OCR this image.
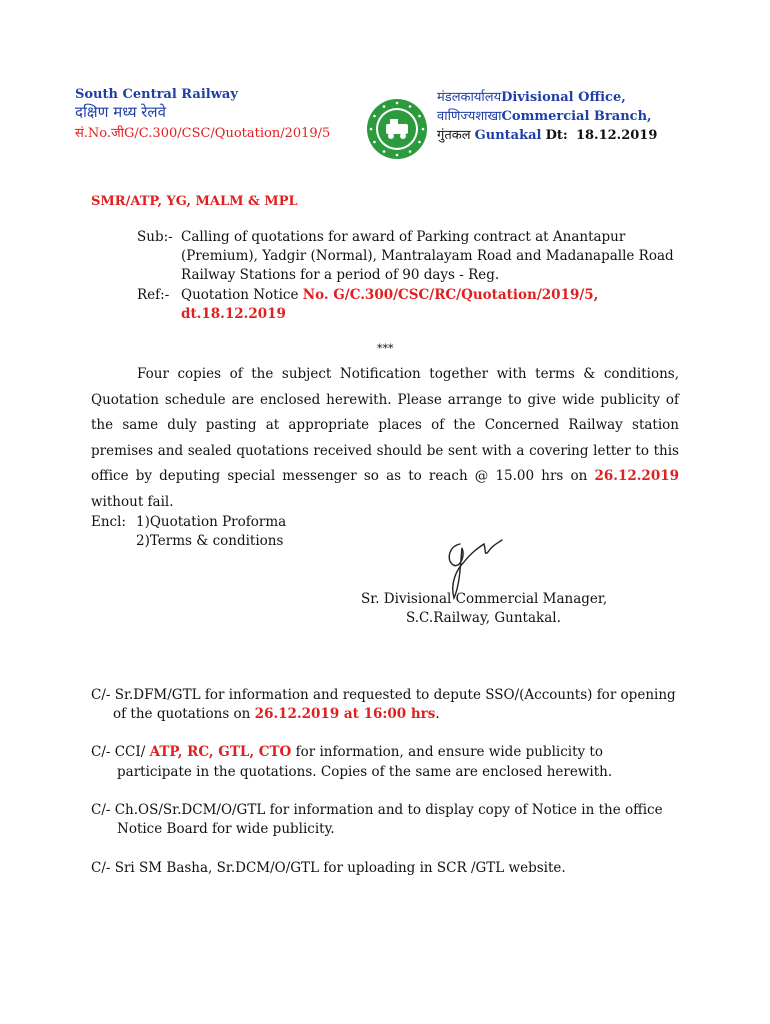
South Central Railway
दक्षिण मध्य रेलवे
सं.No.जीG/C.300/CSC/Quotation/2019/5
मंडलकार्यालयDivisional Office,
वाणिज्यशाखाCommercial Branch,
गुंतकल Guntakal Dt: 18.12.2019
SMR/ATP, YG, MALM & MPL
Sub:- Calling of quotations for award of Parking contract at Anantapur
(Premium), Yadgir (Normal), Mantralayam Road and Madanapalle Road
Railway Stations for a period of 90 days - Reg.
Ref:- Quotation Notice No. G/C.300/CSC/RC/Quotation/2019/5,
dt.18.12.2019
***
Four copies of the subject Notification together with terms & conditions, Quotation schedule are enclosed herewith. Please arrange to give wide publicity of the same duly pasting at appropriate places of the Concerned Railway station premises and sealed quotations received should be sent with a covering letter to this office by deputing special messenger so as to reach @ 15.00 hrs on 26.12.2019 without fail.
Encl: 1)Quotation Proforma
2)Terms & conditions
Sr. Divisional Commercial Manager,
S.C.Railway, Guntakal.
C/- Sr.DFM/GTL for information and requested to depute SSO/(Accounts) for opening
of the quotations on 26.12.2019 at 16:00 hrs.
C/- CCI/ ATP, RC, GTL, CTO for information, and ensure wide publicity to
participate in the quotations. Copies of the same are enclosed herewith.
C/- Ch.OS/Sr.DCM/O/GTL for information and to display copy of Notice in the office
Notice Board for wide publicity.
C/- Sri SM Basha, Sr.DCM/O/GTL for uploading in SCR /GTL website.
